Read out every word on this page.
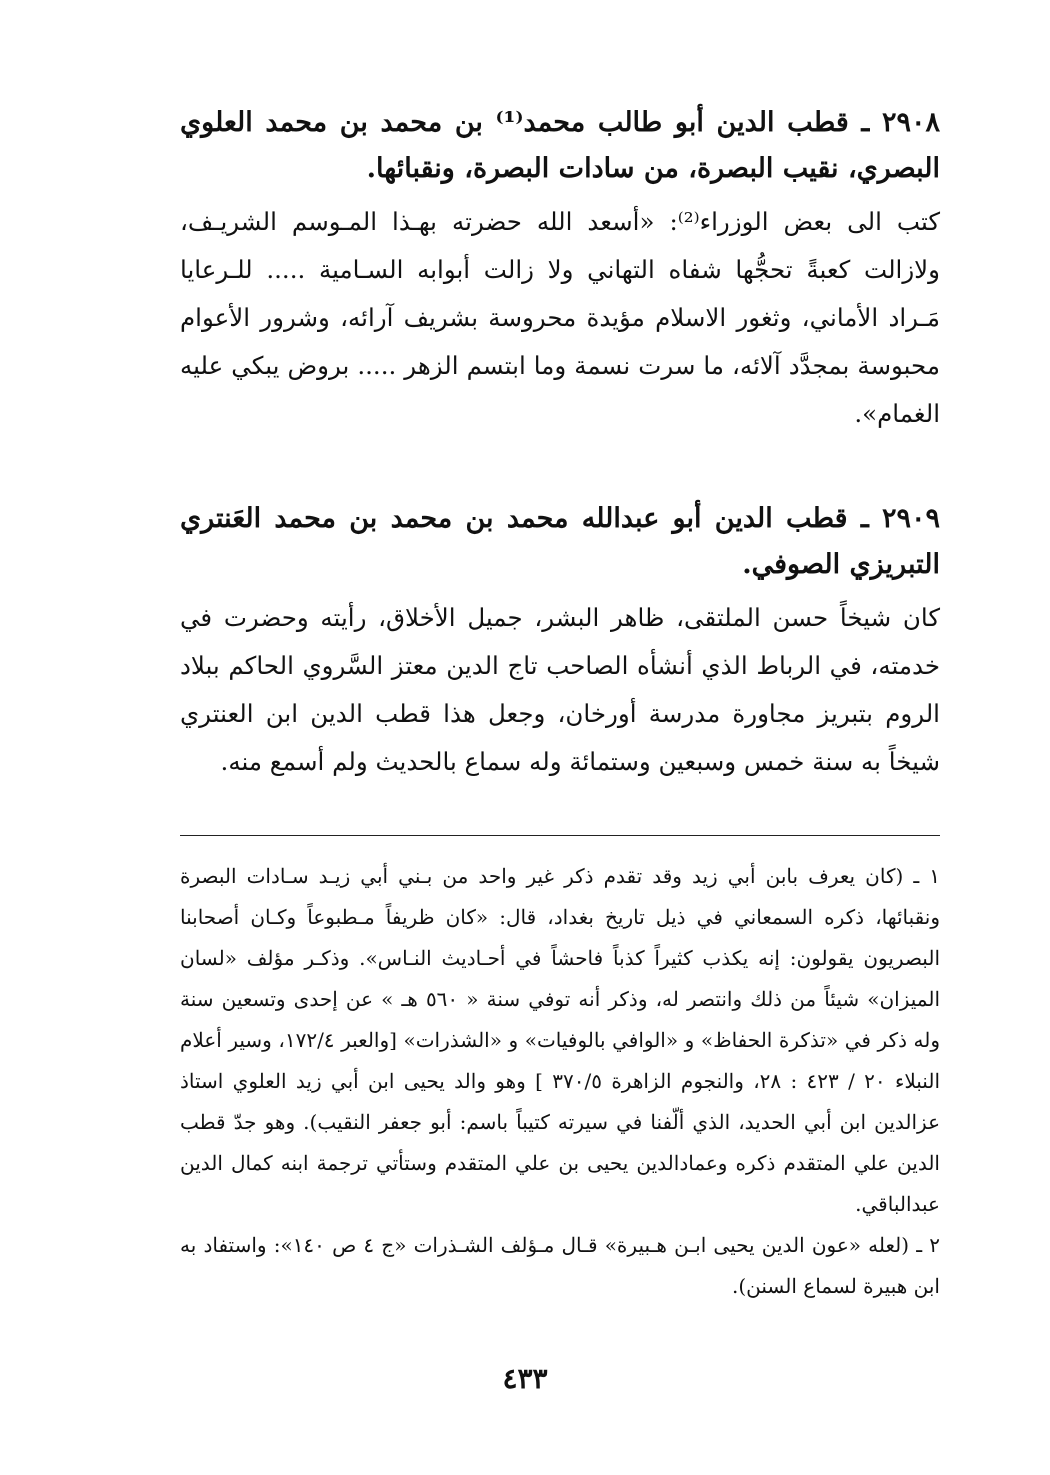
٢٩٠٨ ـ قطب الدين أبو طالب محمد⁽¹⁾ بن محمد بن محمد العلوي البصري، نقيب البصرة، من سادات البصرة، ونقبائها.

كتب الى بعض الوزراء⁽²⁾: «أسعد الله حضرته بهـذا المـوسم الشريـف، ولازالت كعبةً تحجُّها شفاه التهاني ولا زالت أبوابه السـامية ..... للـرعايا مَـراد الأماني، وثغور الاسلام مؤيدة محروسة بشريف آرائه، وشرور الأعوام محبوسة بمجدَّد آلائه، ما سرت نسمة وما ابتسم الزهر ..... بروض يبكي عليه الغمام».

٢٩٠٩ ـ قطب الدين أبو عبدالله محمد بن محمد بن محمد العَنتري التبريزي الصوفي.

كان شيخاً حسن الملتقى، ظاهر البشر، جميل الأخلاق، رأيته وحضرت في خدمته، في الرباط الذي أنشأه الصاحب تاج الدين معتز السَّروي الحاكم ببلاد الروم بتبريز مجاورة مدرسة أورخان، وجعل هذا قطب الدين ابن العنتري شيخاً به سنة خمس وسبعين وستمائة وله سماع بالحديث ولم أسمع منه.

١ ـ (كان يعرف بابن أبي زيد وقد تقدم ذكر غير واحد من بـني أبي زيـد سـادات البصرة ونقبائها، ذكره السمعاني في ذيل تاريخ بغداد، قال: «كان ظريفاً مـطبوعاً وكـان أصحابنا البصريون يقولون: إنه يكذب كثيراً كذباً فاحشاً في أحـاديث النـاس». وذكـر مؤلف «لسان الميزان» شيئاً من ذلك وانتصر له، وذكر أنه توفي سنة « ٥٦٠ هـ » عن إحدى وتسعين سنة وله ذكر في «تذكرة الحفاظ» و «الوافي بالوفيات» و «الشذرات» [والعبر ١٧٢/٤، وسير أعلام النبلاء ٢٠ / ٤٢٣ : ٢٨، والنجوم الزاهرة ٣٧٠/٥ ] وهو والد يحيى ابن أبي زيد العلوي استاذ عزالدين ابن أبي الحديد، الذي ألّفنا في سيرته كتيباً باسم: أبو جعفر النقيب). وهو جدّ قطب الدين علي المتقدم ذكره وعمادالدين يحيى بن علي المتقدم وستأتي ترجمة ابنه كمال الدين عبدالباقي.

٢ ـ (لعله «عون الدين يحيى ابـن هـبيرة» قـال مـؤلف الشـذرات «ج ٤ ص ١٤٠»: واستفاد به ابن هبيرة لسماع السنن).

٤٣٣
